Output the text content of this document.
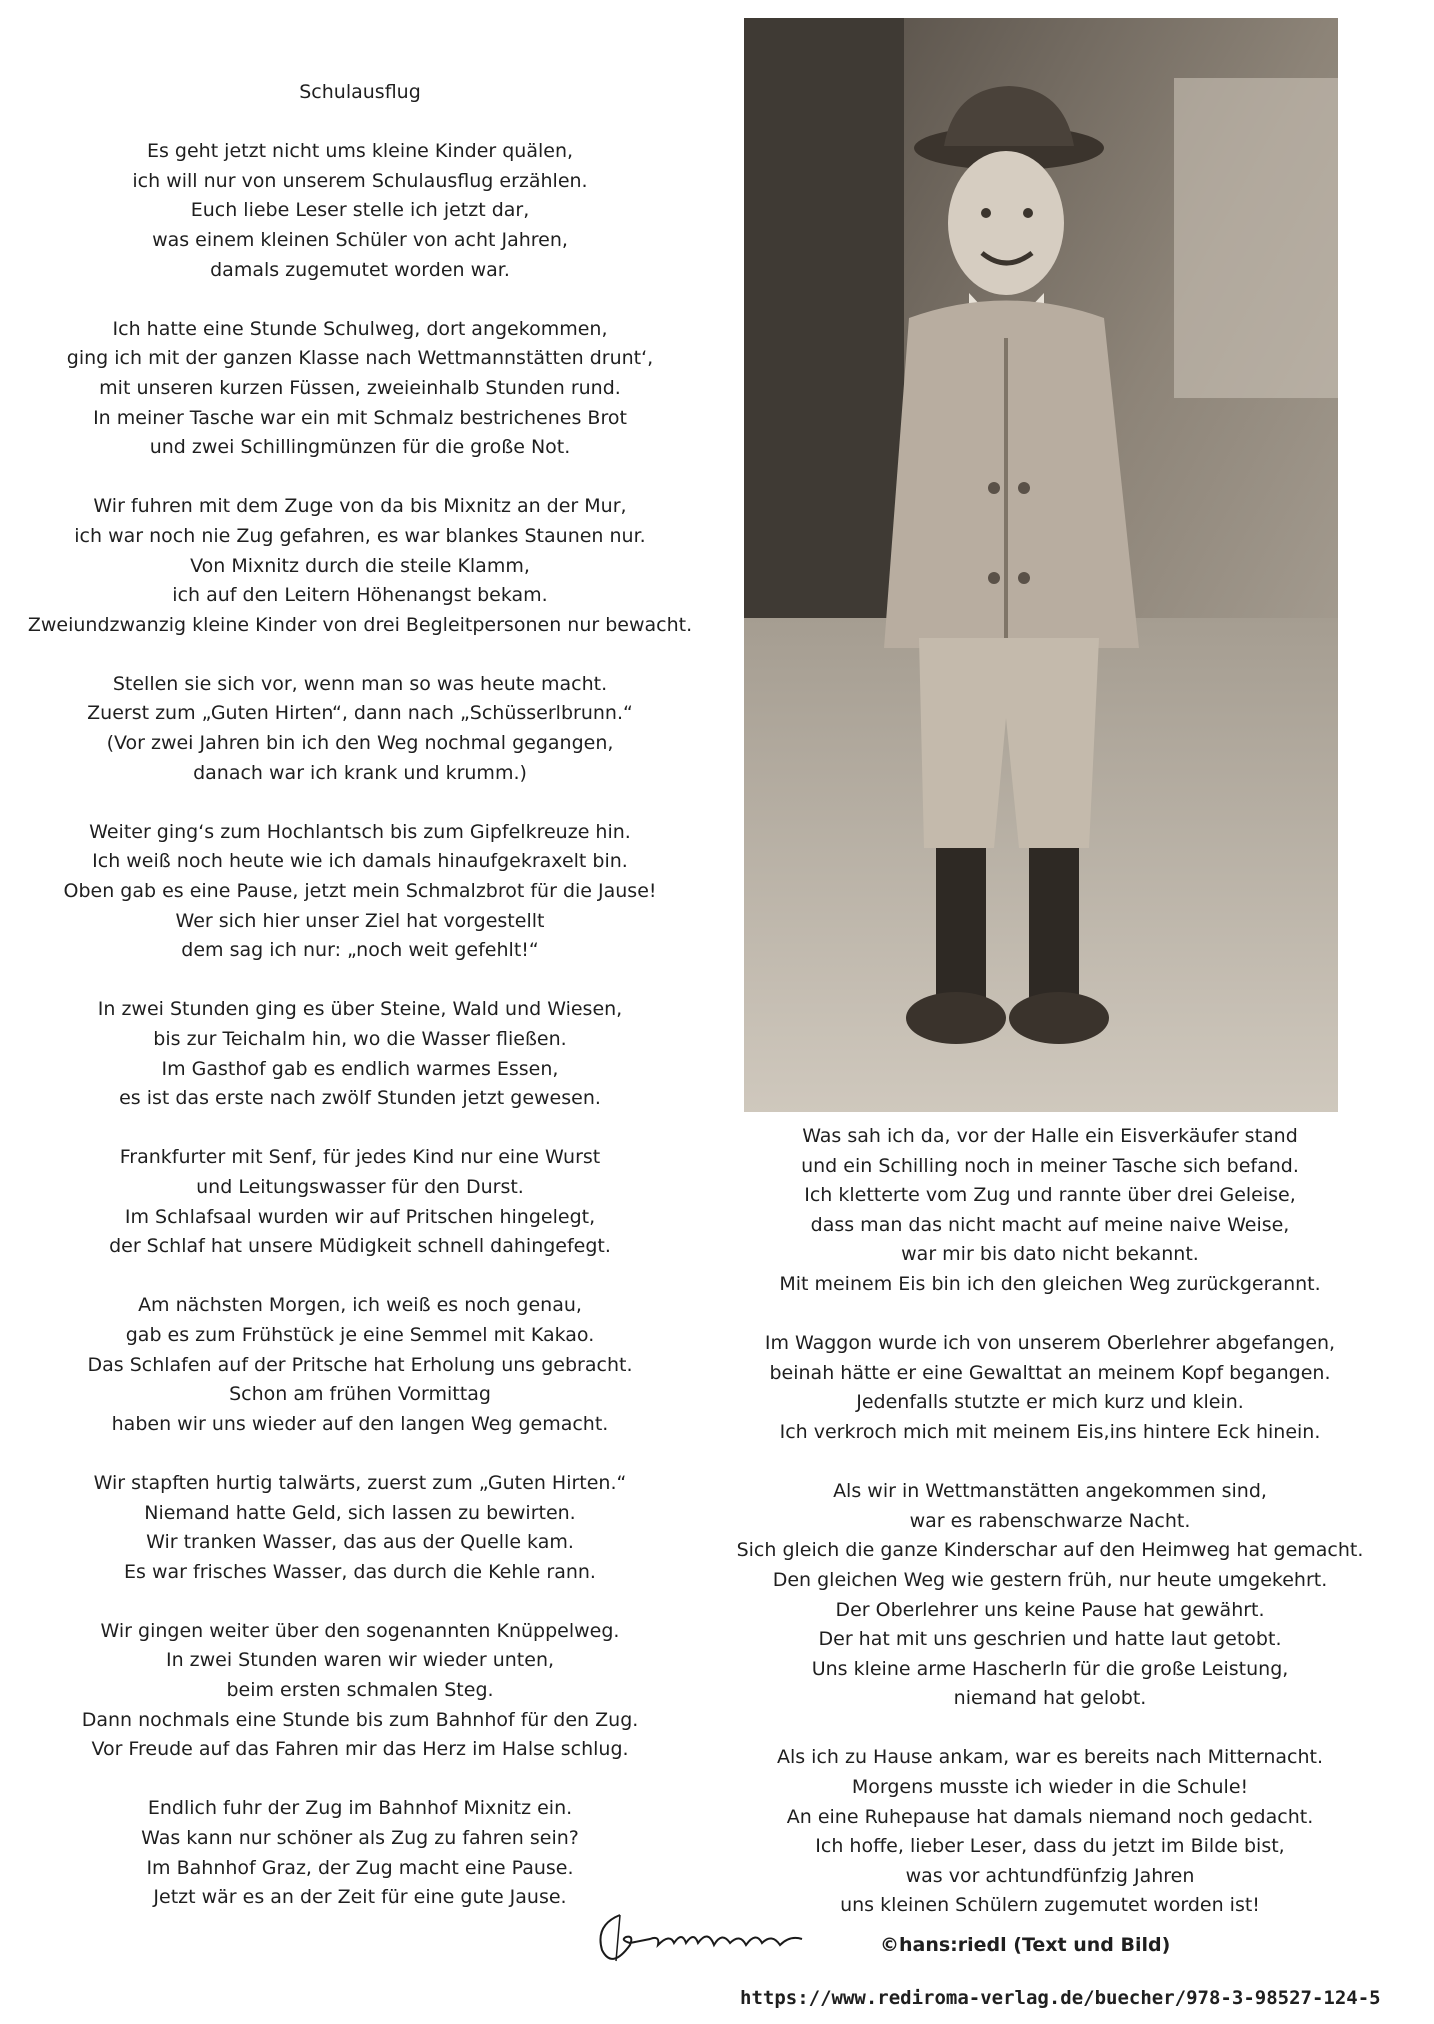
Schulausflug
Es geht jetzt nicht ums kleine Kinder quälen,
ich will nur von unserem Schulausflug erzählen.
Euch liebe Leser stelle ich jetzt dar,
was einem kleinen Schüler von acht Jahren,
damals zugemutet worden war.
Ich hatte eine Stunde Schulweg, dort angekommen,
ging ich mit der ganzen Klasse nach Wettmannstätten drunt‘,
mit unseren kurzen Füssen, zweieinhalb Stunden rund.
In meiner Tasche war ein mit Schmalz bestrichenes Brot
und zwei Schillingmünzen für die große Not.
Wir fuhren mit dem Zuge von da bis Mixnitz an der Mur,
ich war noch nie Zug gefahren, es war blankes Staunen nur.
Von Mixnitz durch die steile Klamm,
ich auf den Leitern Höhenangst bekam.
Zweiundzwanzig kleine Kinder von drei Begleitpersonen nur bewacht.
Stellen sie sich vor, wenn man so was heute macht.
Zuerst zum „Guten Hirten“, dann nach „Schüsserlbrunn.“
(Vor zwei Jahren bin ich den Weg nochmal gegangen,
danach war ich krank und krumm.)
Weiter ging‘s zum Hochlantsch bis zum Gipfelkreuze hin.
Ich weiß noch heute wie ich damals hinaufgekraxelt bin.
Oben gab es eine Pause, jetzt mein Schmalzbrot für die Jause!
Wer sich hier unser Ziel hat vorgestellt
dem sag ich nur: „noch weit gefehlt!“
In zwei Stunden ging es über Steine, Wald und Wiesen,
bis zur Teichalm hin, wo die Wasser fließen.
Im Gasthof gab es endlich warmes Essen,
es ist das erste nach zwölf Stunden jetzt gewesen.
Frankfurter mit Senf, für jedes Kind nur eine Wurst
und Leitungswasser für den Durst.
Im Schlafsaal wurden wir auf Pritschen hingelegt,
der Schlaf hat unsere Müdigkeit schnell dahingefegt.
Am nächsten Morgen, ich weiß es noch genau,
gab es zum Frühstück je eine Semmel mit Kakao.
Das Schlafen auf der Pritsche hat Erholung uns gebracht.
Schon am frühen Vormittag
haben wir uns wieder auf den langen Weg gemacht.
Wir stapften hurtig talwärts, zuerst zum „Guten Hirten.“
Niemand hatte Geld, sich lassen zu bewirten.
Wir tranken Wasser, das aus der Quelle kam.
Es war frisches Wasser, das durch die Kehle rann.
Wir gingen weiter über den sogenannten Knüppelweg.
In zwei Stunden waren wir wieder unten,
beim ersten schmalen Steg.
Dann nochmals eine Stunde bis zum Bahnhof für den Zug.
Vor Freude auf das Fahren mir das Herz im Halse schlug.
Endlich fuhr der Zug im Bahnhof Mixnitz ein.
Was kann nur schöner als Zug zu fahren sein?
Im Bahnhof Graz, der Zug macht eine Pause.
Jetzt wär es an der Zeit für eine gute Jause.
Was sah ich da, vor der Halle ein Eisverkäufer stand
und ein Schilling noch in meiner Tasche sich befand.
Ich kletterte vom Zug und rannte über drei Geleise,
dass man das nicht macht auf meine naive Weise,
war mir bis dato nicht bekannt.
Mit meinem Eis bin ich den gleichen Weg zurückgerannt.
Im Waggon wurde ich von unserem Oberlehrer abgefangen,
beinah hätte er eine Gewalttat an meinem Kopf begangen.
Jedenfalls stutzte er mich kurz und klein.
Ich verkroch mich mit meinem Eis,ins hintere Eck hinein.
Als wir in Wettmanstätten angekommen sind,
war es rabenschwarze Nacht.
Sich gleich die ganze Kinderschar auf den Heimweg hat gemacht.
Den gleichen Weg wie gestern früh, nur heute umgekehrt.
Der Oberlehrer uns keine Pause hat gewährt.
Der hat mit uns geschrien und hatte laut getobt.
Uns kleine arme Hascherln für die große Leistung,
niemand hat gelobt.
Als ich zu Hause ankam, war es bereits nach Mitternacht.
Morgens musste ich wieder in die Schule!
An eine Ruhepause hat damals niemand noch gedacht.
Ich hoffe, lieber Leser, dass du jetzt im Bilde bist,
was vor achtundfünfzig Jahren
uns kleinen Schülern zugemutet worden ist!
©hans:riedl (Text und Bild)
https://www.rediroma-verlag.de/buecher/978-3-98527-124-5
